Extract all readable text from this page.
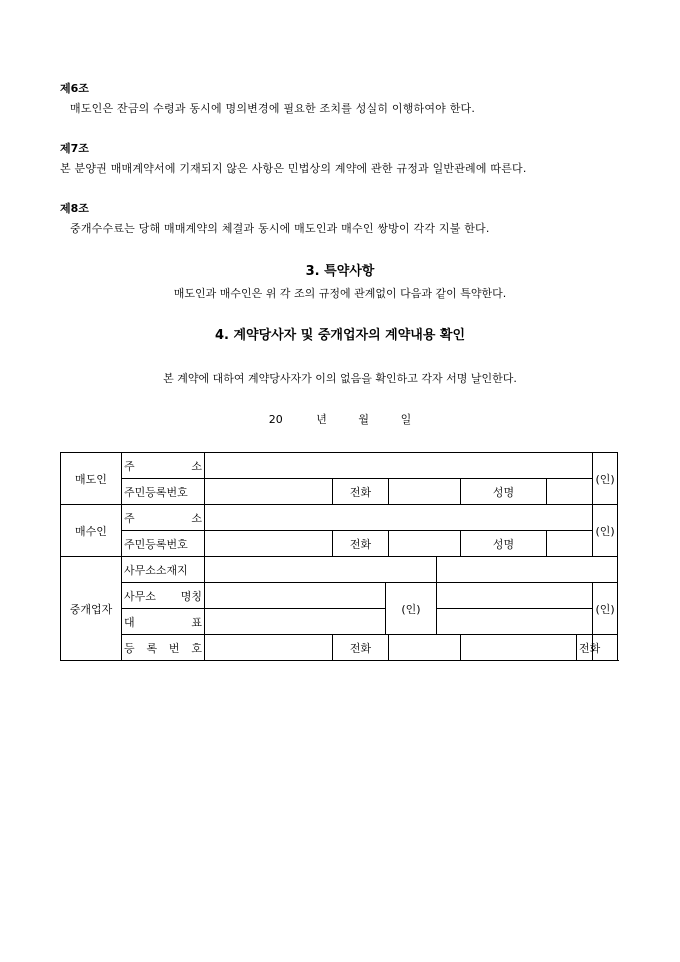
제6조
매도인은 잔금의 수령과 동시에 명의변경에 필요한 조치를 성실히 이행하여야 한다.
제7조
본 분양권 매매계약서에 기재되지 않은 사항은 민법상의 계약에 관한 규정과 일반관례에 따른다.
제8조
중개수수료는 당해 매매계약의 체결과 동시에 매도인과 매수인 쌍방이 각각 지불 한다.
3. 특약사항
매도인과 매수인은 위 각 조의 규정에 관계없이 다음과 같이 특약한다.
4. 계약당사자 및 중개업자의 계약내용 확인
본 계약에 대하여 계약당사자가 이의 없음을 확인하고 각자 서명 날인한다.
20	년	월	일
매도인	주 소									(인)
	주민등록번호		전화				성명			
매수인	주 소									(인)
	주민등록번호		전화				성명			
중개업자	사무소소재지									
	사무소 명칭			(인)						(인)
	대 표									
	등 록 번 호		전화						전화	
